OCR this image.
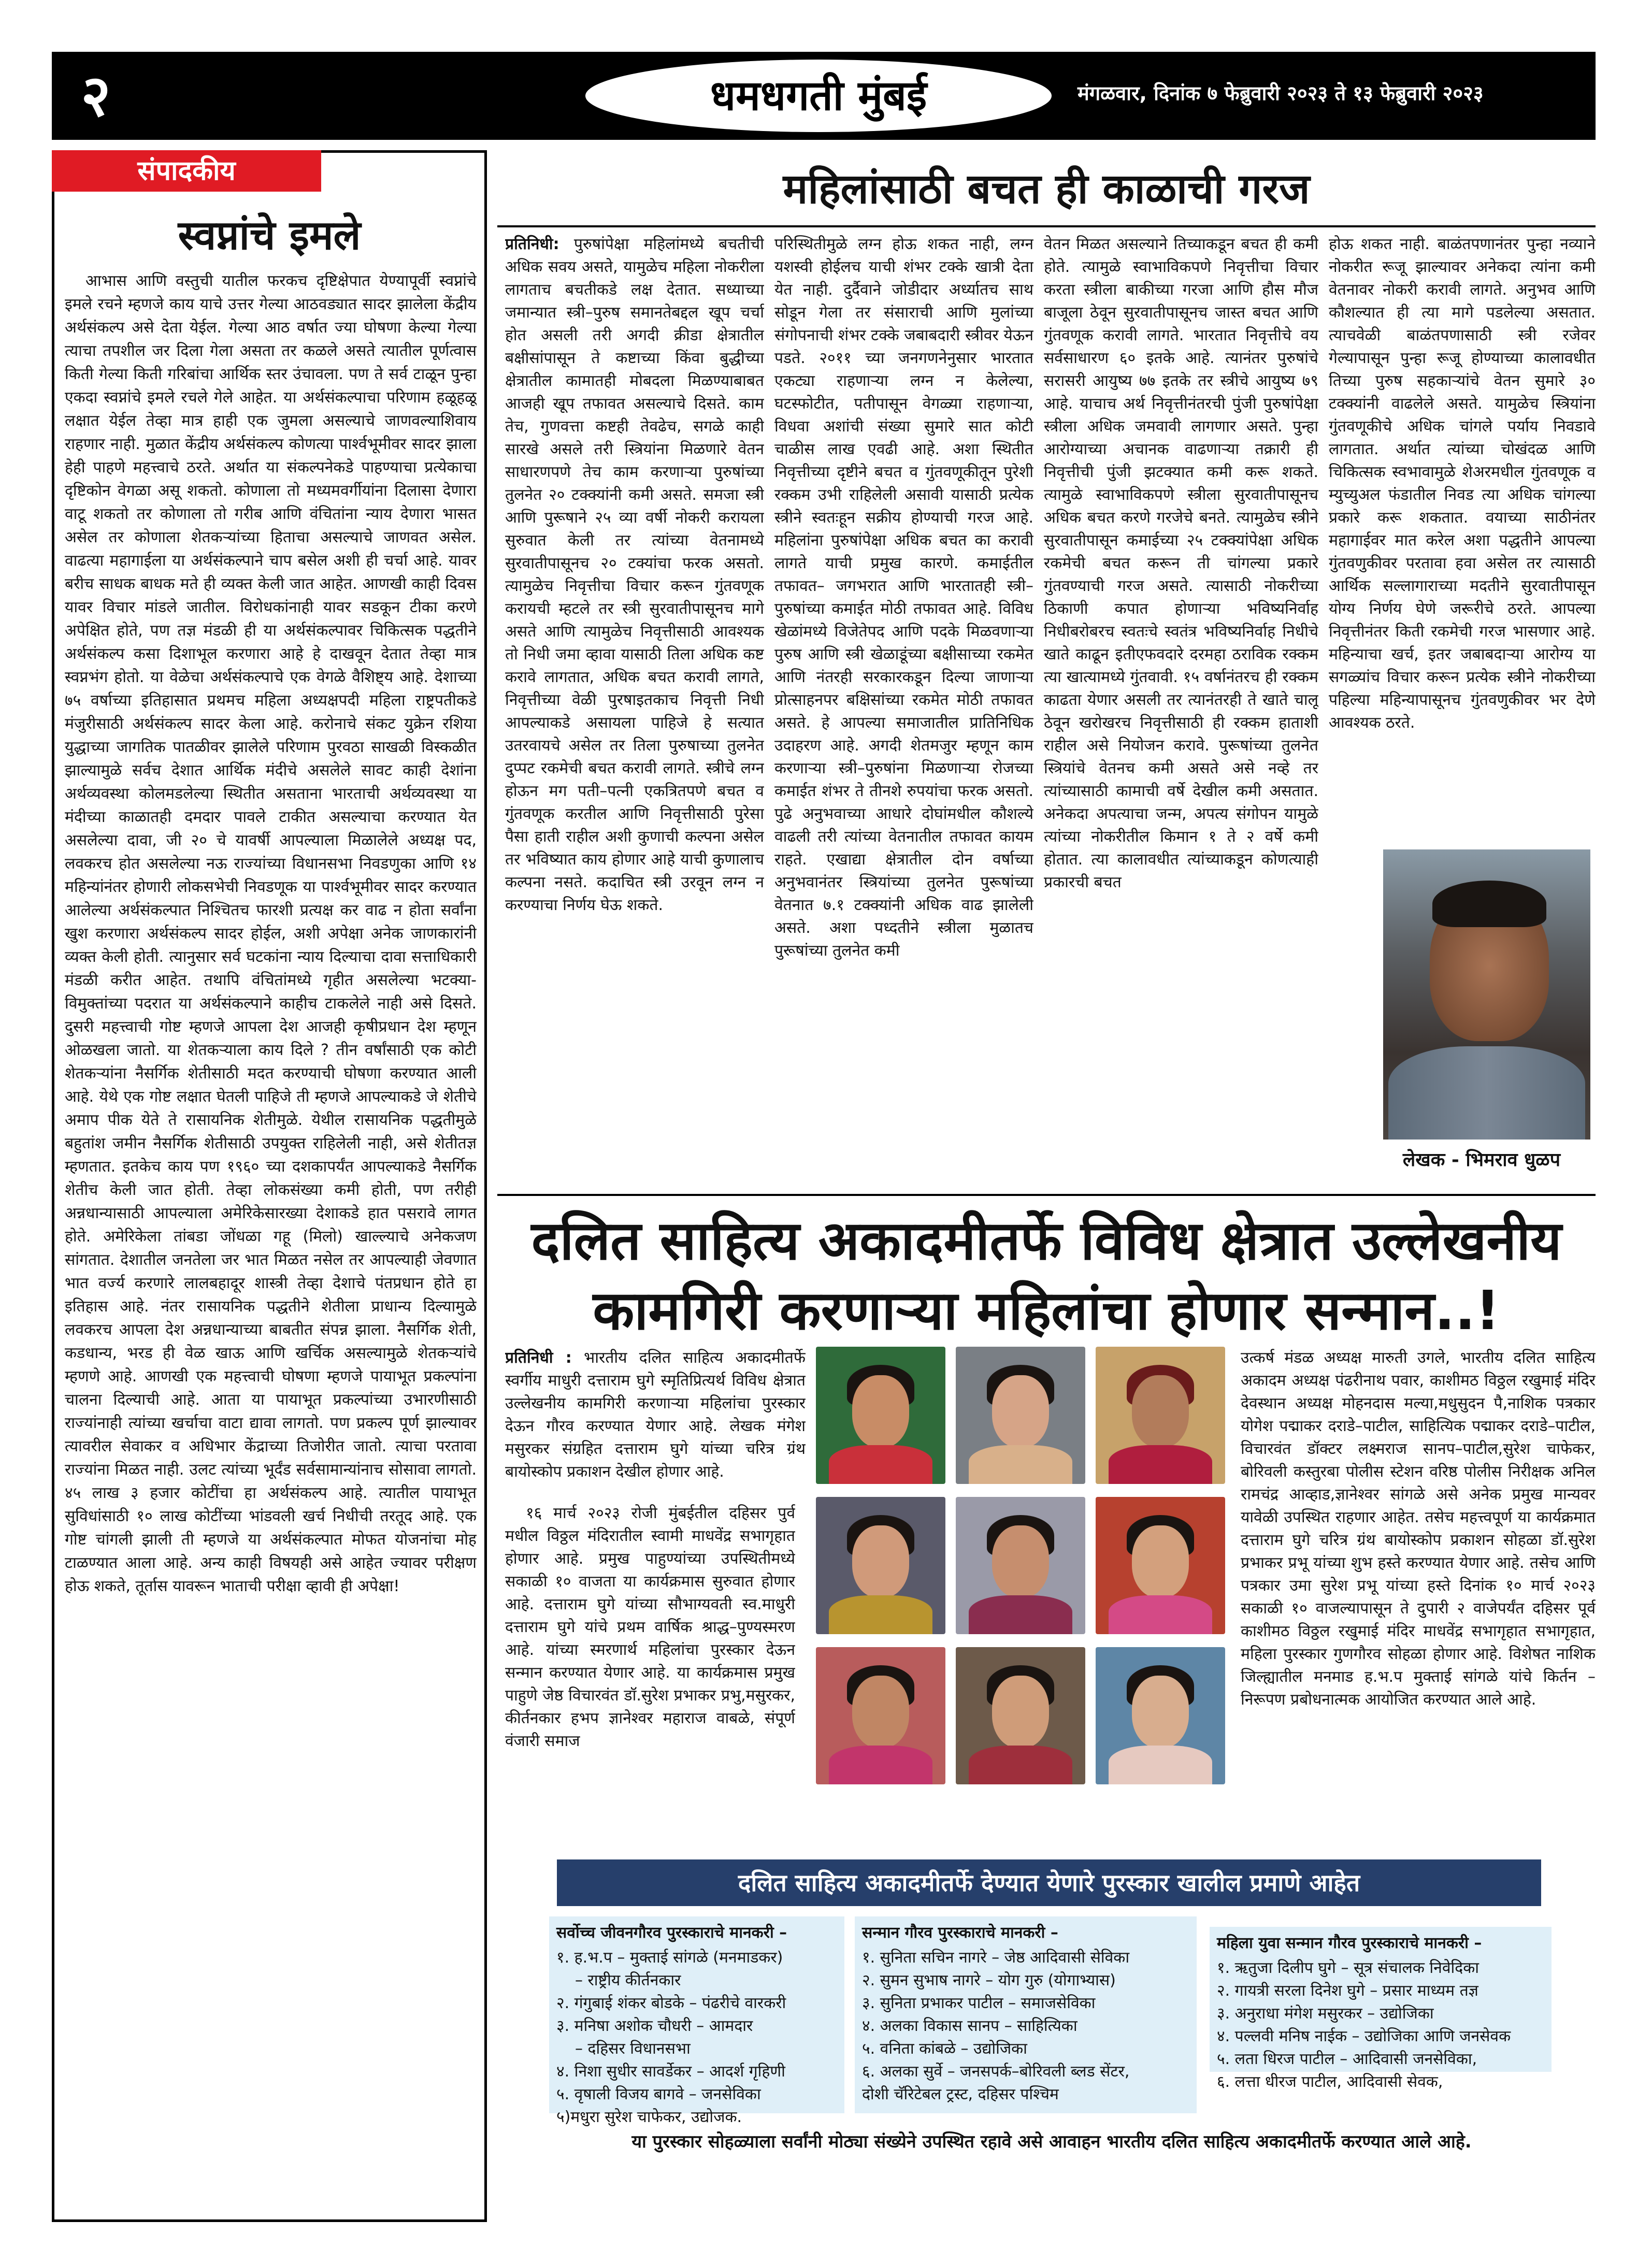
२	धमधगती मुंबई	मंगळवार, दिनांक ७ फेब्रुवारी २०२३ ते १३ फेब्रुवारी २०२३
संपादकीय
स्वप्नांचे इमले
आभास आणि वस्तुची यातील फरकच दृष्टिक्षेपात येण्यापूर्वी स्वप्नांचे इमले रचने म्हणजे काय याचे उत्तर गेल्या आठवड्यात सादर झालेला केंद्रीय अर्थसंकल्प असे देता येईल. गेल्या आठ वर्षात ज्या घोषणा केल्या गेल्या त्याचा तपशील जर दिला गेला असता तर कळले असते त्यातील पूर्णत्वास किती गेल्या किती गरिबांचा आर्थिक स्तर उंचावला. पण ते सर्व टाळून पुन्हा एकदा स्वप्नांचे इमले रचले गेले आहेत. या अर्थसंकल्पाचा परिणाम हळूहळू लक्षात येईल तेव्हा मात्र हाही एक जुमला असल्याचे जाणवल्याशिवाय राहणार नाही. मुळात केंद्रीय अर्थसंकल्प कोणत्या पार्श्वभूमीवर सादर झाला हेही पाहणे महत्त्वाचे ठरते. अर्थात या संकल्पनेकडे पाहण्याचा प्रत्येकाचा दृष्टिकोन वेगळा असू शकतो. कोणाला तो मध्यमवर्गीयांना दिलासा देणारा वाटू शकतो तर कोणाला तो गरीब आणि वंचितांना न्याय देणारा भासत असेल तर कोणाला शेतकऱ्यांच्या हिताचा असल्याचे जाणवत असेल. वाढत्या महागाईला या अर्थसंकल्पाने चाप बसेल अशी ही चर्चा आहे. यावर बरीच साधक बाधक मते ही व्यक्त केली जात आहेत. आणखी काही दिवस यावर विचार मांडले जातील. विरोधकांनाही यावर सडकून टीका करणे अपेक्षित होते, पण तज्ञ मंडळी ही या अर्थसंकल्पावर चिकित्सक पद्धतीने अर्थसंकल्प कसा दिशाभूल करणारा आहे हे दाखवून देतात तेव्हा मात्र स्वप्नभंग होतो. या वेळेचा अर्थसंकल्पाचे एक वेगळे वैशिष्ट्य आहे. देशाच्या ७५ वर्षाच्या इतिहासात प्रथमच महिला अध्यक्षपदी महिला राष्ट्रपतीकडे मंजुरीसाठी अर्थसंकल्प सादर केला आहे. करोनाचे संकट युक्रेन रशिया युद्धाच्या जागतिक पातळीवर झालेले परिणाम पुरवठा साखळी विस्कळीत झाल्यामुळे सर्वच देशात आर्थिक मंदीचे असलेले सावट काही देशांना अर्थव्यवस्था कोलमडलेल्या स्थितीत असताना भारताची अर्थव्यवस्था या मंदीच्या काळातही दमदार पावले टाकीत असल्याचा करण्यात येत असलेल्या दावा, जी २० चे यावर्षी आपल्याला मिळालेले अध्यक्ष पद, लवकरच होत असलेल्या नऊ राज्यांच्या विधानसभा निवडणुका आणि १४ महिन्यांनंतर होणारी लोकसभेची निवडणूक या पार्श्वभूमीवर सादर करण्यात आलेल्या अर्थसंकल्पात निश्चितच फारशी प्रत्यक्ष कर वाढ न होता सर्वांना खुश करणारा अर्थसंकल्प सादर होईल, अशी अपेक्षा अनेक जाणकारांनी व्यक्त केली होती. त्यानुसार सर्व घटकांना न्याय दिल्याचा दावा सत्ताधिकारी मंडळी करीत आहेत. तथापि वंचितांमध्ये गृहीत असलेल्या भटक्या- विमुक्तांच्या पदरात या अर्थसंकल्पाने काहीच टाकलेले नाही असे दिसते. दुसरी महत्त्वाची गोष्ट म्हणजे आपला देश आजही कृषीप्रधान देश म्हणून ओळखला जातो. या शेतकऱ्याला काय दिले ? तीन वर्षांसाठी एक कोटी शेतकऱ्यांना नैसर्गिक शेतीसाठी मदत करण्याची घोषणा करण्यात आली आहे. येथे एक गोष्ट लक्षात घेतली पाहिजे ती म्हणजे आपल्याकडे जे शेतीचे अमाप पीक येते ते रासायनिक शेतीमुळे. येथील रासायनिक पद्धतीमुळे बहुतांश जमीन नैसर्गिक शेतीसाठी उपयुक्त राहिलेली नाही, असे शेतीतज्ञ म्हणतात. इतकेच काय पण १९६० च्या दशकापर्यंत आपल्याकडे नैसर्गिक शेतीच केली जात होती. तेव्हा लोकसंख्या कमी होती, पण तरीही अन्नधान्यासाठी आपल्याला अमेरिकेसारख्या देशाकडे हात पसरावे लागत होते. अमेरिकेला तांबडा जोंधळा गहू (मिलो) खाल्ल्याचे अनेकजण सांगतात. देशातील जनतेला जर भात मिळत नसेल तर आपल्याही जेवणात भात वर्ज्य करणारे लालबहादूर शास्त्री तेव्हा देशाचे पंतप्रधान होते हा इतिहास आहे. नंतर रासायनिक पद्धतीने शेतीला प्राधान्य दिल्यामुळे लवकरच आपला देश अन्नधान्याच्या बाबतीत संपन्न झाला. नैसर्गिक शेती, कडधान्य, भरड ही वेळ खाऊ आणि खर्चिक असल्यामुळे शेतकऱ्यांचे म्हणणे आहे. आणखी एक महत्त्वाची घोषणा म्हणजे पायाभूत प्रकल्पांना चालना दिल्याची आहे. आता या पायाभूत प्रकल्पांच्या उभारणीसाठी राज्यांनाही त्यांच्या खर्चाचा वाटा द्यावा लागतो. पण प्रकल्प पूर्ण झाल्यावर त्यावरील सेवाकर व अधिभार केंद्राच्या तिजोरीत जातो. त्याचा परतावा राज्यांना मिळत नाही. उलट त्यांच्या भूर्दंड सर्वसामान्यांनाच सोसावा लागतो. ४५ लाख ३ हजार कोटींचा हा अर्थसंकल्प आहे. त्यातील पायाभूत सुविधांसाठी १० लाख कोटींच्या भांडवली खर्च निधीची तरतूद आहे. एक गोष्ट चांगली झाली ती म्हणजे या अर्थसंकल्पात मोफत योजनांचा मोह टाळण्यात आला आहे. अन्य काही विषयही असे आहेत ज्यावर परीक्षण होऊ शकते, तूर्तास यावरून भाताची परीक्षा व्हावी ही अपेक्षा!
महिलांसाठी बचत ही काळाची गरज
प्रतिनिधी: पुरुषांपेक्षा महिलांमध्ये बचतीची अधिक सवय असते, यामुळेच महिला नोकरीला लागताच बचतीकडे लक्ष देतात. सध्याच्या जमान्यात स्त्री–पुरुष समानतेबद्दल खूप चर्चा होत असली तरी अगदी क्रीडा क्षेत्रातील बक्षीसांपासून ते कष्टाच्या किंवा बुद्धीच्या क्षेत्रातील कामातही मोबदला मिळण्याबाबत आजही खूप तफावत असल्याचे दिसते. काम तेच, गुणवत्ता कष्टही तेवढेच, सगळे काही सारखे असले तरी स्त्रियांना मिळणारे वेतन साधारणपणे तेच काम करणाऱ्या पुरुषांच्या तुलनेत २० टक्क्यांनी कमी असते. समजा स्त्री आणि पुरूषाने २५ व्या वर्षी नोकरी करायला सुरुवात केली तर त्यांच्या वेतनामध्ये सुरवातीपासूनच २० टक्यांचा फरक असतो. त्यामुळेच निवृत्तीचा विचार करून गुंतवणूक करायची म्हटले तर स्त्री सुरवातीपासूनच मागे असते आणि त्यामुळेच निवृत्तीसाठी आवश्यक तो निधी जमा व्हावा यासाठी तिला अधिक कष्ट करावे लागतात, अधिक बचत करावी लागते, निवृत्तीच्या वेळी पुरषाइतकाच निवृत्ती निधी आपल्याकडे असायला पाहिजे हे सत्यात उतरवायचे असेल तर तिला पुरुषाच्या तुलनेत दुप्पट रकमेची बचत करावी लागते. स्त्रीचे लग्न होऊन मग पती–पत्नी एकत्रितपणे बचत व गुंतवणूक करतील आणि निवृत्तीसाठी पुरेसा पैसा हाती राहील अशी कुणाची कल्पना असेल तर भविष्यात काय होणार आहे याची कुणालाच कल्पना नसते. कदाचित स्त्री उरवून लग्न न करण्याचा निर्णय घेऊ शकते.
परिस्थितीमुळे लग्न होऊ शकत नाही, लग्न यशस्वी होईलच याची शंभर टक्के खात्री देता येत नाही. दुर्दैवाने जोडीदार अर्ध्यातच साथ सोडून गेला तर संसाराची आणि मुलांच्या संगोपनाची शंभर टक्के जबाबदारी स्त्रीवर येऊन पडते. २०११ च्या जनगणनेनुसार भारतात एकट्या राहणाऱ्या लग्न न केलेल्या, घटस्फोटीत, पतीपासून वेगळ्या राहणाऱ्या, विधवा अशांची संख्या सुमारे सात कोटी चाळीस लाख एवढी आहे. अशा स्थितीत निवृत्तीच्या दृष्टीने बचत व गुंतवणूकीतून पुरेशी रक्कम उभी राहिलेली असावी यासाठी प्रत्येक स्त्रीने स्वतःहून सक्रीय होण्याची गरज आहे. महिलांना पुरुषांपेक्षा अधिक बचत का करावी लागते याची प्रमुख कारणे. कमाईतील तफावत– जगभरात आणि भारतातही स्त्री–पुरुषांच्या कमाईत मोठी तफावत आहे. विविध खेळांमध्ये विजेतेपद आणि पदके मिळवणाऱ्या पुरुष आणि स्त्री खेळाडूंच्या बक्षीसाच्या रकमेत आणि नंतरही सरकारकडून दिल्या जाणाऱ्या प्रोत्साहनपर बक्षिसांच्या रकमेत मोठी तफावत असते. हे आपल्या समाजातील प्रातिनिधिक उदाहरण आहे. अगदी शेतमजुर म्हणून काम करणाऱ्या स्त्री–पुरुषांना मिळणाऱ्या रोजच्या कमाईत शंभर ते तीनशे रुपयांचा फरक असतो. पुढे अनुभवाच्या आधारे दोघांमधील कौशल्ये वाढली तरी त्यांच्या वेतनातील तफावत कायम राहते. एखाद्या क्षेत्रातील दोन वर्षाच्या अनुभवानंतर स्त्रियांच्या तुलनेत पुरूषांच्या वेतनात ७.१ टक्क्यांनी अधिक वाढ झालेली असते. अशा पध्दतीने स्त्रीला मुळातच पुरूषांच्या तुलनेत कमी
वेतन मिळत असल्याने तिच्याकडून बचत ही कमी होते. त्यामुळे स्वाभाविकपणे निवृत्तीचा विचार करता स्त्रीला बाकीच्या गरजा आणि हौस मौज बाजूला ठेवून सुरवातीपासूनच जास्त बचत आणि गुंतवणूक करावी लागते. भारतात निवृत्तीचे वय सर्वसाधारण ६० इतके आहे. त्यानंतर पुरुषांचे सरासरी आयुष्य ७७ इतके तर स्त्रीचे आयुष्य ७९ आहे. याचाच अर्थ निवृत्तीनंतरची पुंजी पुरुषांपेक्षा स्त्रीला अधिक जमवावी लागणार असते. पुन्हा आरोग्याच्या अचानक वाढणाऱ्या तक्रारी ही निवृत्तीची पुंजी झटक्यात कमी करू शकते. त्यामुळे स्वाभाविकपणे स्त्रीला सुरवातीपासूनच अधिक बचत करणे गरजेचे बनते. त्यामुळेच स्त्रीने सुरवातीपासून कमाईच्या २५ टक्क्यांपेक्षा अधिक रकमेची बचत करून ती चांगल्या प्रकारे गुंतवण्याची गरज असते. त्यासाठी नोकरीच्या ठिकाणी कपात होणाऱ्या भविष्यनिर्वाह निधीबरोबरच स्वतःचे स्वतंत्र भविष्यनिर्वाह निधीचे खाते काढून इतीएफवदारे दरमहा ठराविक रक्कम त्या खात्यामध्ये गुंतवावी. १५ वर्षानंतरच ही रक्कम काढता येणार असली तर त्यानंतरही ते खाते चालू ठेवून खरोखरच निवृत्तीसाठी ही रक्कम हाताशी राहील असे नियोजन करावे. पुरूषांच्या तुलनेत स्त्रियांचे वेतनच कमी असते असे नव्हे तर त्यांच्यासाठी कामाची वर्षे देखील कमी असतात. अनेकदा अपत्याचा जन्म, अपत्य संगोपन यामुळे त्यांच्या नोकरीतील किमान १ ते २ वर्षे कमी होतात. त्या कालावधीत त्यांच्याकडून कोणत्याही प्रकारची बचत
होऊ शकत नाही. बाळंतपणानंतर पुन्हा नव्याने नोकरीत रूजू झाल्यावर अनेकदा त्यांना कमी वेतनावर नोकरी करावी लागते. अनुभव आणि कौशल्यात ही त्या मागे पडलेल्या असतात. त्याचवेळी बाळंतपणासाठी स्त्री रजेवर गेल्यापासून पुन्हा रूजू होण्याच्या कालावधीत तिच्या पुरुष सहकाऱ्यांचे वेतन सुमारे ३० टक्क्यांनी वाढलेले असते. यामुळेच स्त्रियांना गुंतवणूकीचे अधिक चांगले पर्याय निवडावे लागतात. अर्थात त्यांच्या चोखंदळ आणि चिकित्सक स्वभावामुळे शेअरमधील गुंतवणूक व म्युच्युअल फंडातील निवड त्या अधिक चांगल्या प्रकारे करू शकतात. वयाच्या साठीनंतर महागाईवर मात करेल अशा पद्धतीने आपल्या गुंतवणुकीवर परतावा हवा असेल तर त्यासाठी आर्थिक सल्लागाराच्या मदतीने सुरवातीपासून योग्य निर्णय घेणे जरूरीचे ठरते. आपल्या निवृत्तीनंतर किती रकमेची गरज भासणार आहे. महिन्याचा खर्च, इतर जबाबदाऱ्या आरोग्य या सगळ्यांच विचार करून प्रत्येक स्त्रीने नोकरीच्या पहिल्या महिन्यापासूनच गुंतवणुकीवर भर देणे आवश्यक ठरते.
लेखक - भिमराव धुळप
दलित साहित्य अकादमीतर्फे विविध क्षेत्रात उल्लेखनीय
कामगिरी करणाऱ्या महिलांचा होणार सन्मान..!
प्रतिनिधी : भारतीय दलित साहित्य अकादमीतर्फे स्वर्गीय माधुरी दत्ताराम घुगे स्मृतिप्रित्यर्थ विविध क्षेत्रात उल्लेखनीय कामगिरी करणाऱ्या महिलांचा पुरस्कार देऊन गौरव करण्यात येणार आहे. लेखक मंगेश मसुरकर संग्रहित दत्ताराम घुगे यांच्या चरित्र ग्रंथ बायोस्कोप प्रकाशन देखील होणार आहे.
१६ मार्च २०२३ रोजी मुंबईतील दहिसर पुर्व मधील विठ्ठल मंदिरातील स्वामी माधवेंद्र सभागृहात होणार आहे. प्रमुख पाहुण्यांच्या उपस्थितीमध्ये सकाळी १० वाजता या कार्यक्रमास सुरुवात होणार आहे. दत्ताराम घुगे यांच्या सौभाग्यवती स्व.माधुरी दत्ताराम घुगे यांचे प्रथम वार्षिक श्राद्ध–पुण्यस्मरण आहे. यांच्या स्मरणार्थ महिलांचा पुरस्कार देऊन सन्मान करण्यात येणार आहे. या कार्यक्रमास प्रमुख पाहुणे जेष्ठ विचारवंत डॉ.सुरेश प्रभाकर प्रभु,मसुरकर, कीर्तनकार हभप ज्ञानेश्वर महाराज वाबळे, संपूर्ण वंजारी समाज
उत्कर्ष मंडळ अध्यक्ष मारुती उगले, भारतीय दलित साहित्य अकादम अध्यक्ष पंढरीनाथ पवार, काशीमठ विठ्ठल रखुमाई मंदिर देवस्थान अध्यक्ष मोहनदास मल्या,मधुसुदन पै,नाशिक पत्रकार योगेश पद्माकर दराडे–पाटील, साहित्यिक पद्माकर दराडे–पाटील, विचारवंत डॉक्टर लक्ष्मराज सानप–पाटील,सुरेश चाफेकर, बोरिवली कस्तुरबा पोलीस स्टेशन वरिष्ठ पोलीस निरीक्षक अनिल रामचंद्र आव्हाड,ज्ञानेश्वर सांगळे असे अनेक प्रमुख मान्यवर यावेळी उपस्थित राहणार आहेत. तसेच महत्त्वपूर्ण या कार्यक्रमात दत्ताराम घुगे चरित्र ग्रंथ बायोस्कोप प्रकाशन सोहळा डॉ.सुरेश प्रभाकर प्रभू यांच्या शुभ हस्ते करण्यात येणार आहे. तसेच आणि पत्रकार उमा सुरेश प्रभू यांच्या हस्ते दिनांक १० मार्च २०२३ सकाळी १० वाजल्यापासून ते दुपारी २ वाजेपर्यंत दहिसर पूर्व काशीमठ विठ्ठल रखुमाई मंदिर माधवेंद्र सभागृहात सभागृहात, महिला पुरस्कार गुणगौरव सोहळा होणार आहे. विशेषत नाशिक जिल्ह्यातील मनमाड ह.भ.प मुक्ताई सांगळे यांचे किर्तन – निरूपण प्रबोधनात्मक आयोजित करण्यात आले आहे.
दलित साहित्य अकादमीतर्फे देण्यात येणारे पुरस्कार खालील प्रमाणे आहेत
सर्वोच्च जीवनगौरव पुरस्काराचे मानकरी –
१. ह.भ.प – मुक्ताई सांगळे (मनमाडकर)
– राष्ट्रीय कीर्तनकार
२. गंगुबाई शंकर बोडके – पंढरीचे वारकरी
३. मनिषा अशोक चौधरी – आमदार
– दहिसर विधानसभा
४. निशा सुधीर सावर्डेकर – आदर्श गृहिणी
५. वृषाली विजय बागवे – जनसेविका
५)मधुरा सुरेश चाफेकर, उद्योजक.
सन्मान गौरव पुरस्काराचे मानकरी –
१. सुनिता सचिन नागरे – जेष्ठ आदिवासी सेविका
२. सुमन सुभाष नागरे – योग गुरु (योगाभ्यास)
३. सुनिता प्रभाकर पाटील – समाजसेविका
४. अलका विकास सानप – साहित्यिका
५. वनिता कांबळे – उद्योजिका
६. अलका सुर्वे – जनसपर्क–बोरिवली ब्लड सेंटर,
दोशी चॅरिटेबल ट्रस्ट, दहिसर पश्चिम
महिला युवा सन्मान गौरव पुरस्काराचे मानकरी –
१. ऋतुजा दिलीप घुगे – सूत्र संचालक निवेदिका
२. गायत्री सरला दिनेश घुगे – प्रसार माध्यम तज्ञ
३. अनुराधा मंगेश मसुरकर – उद्योजिका
४. पल्लवी मनिष नाईक – उद्योजिका आणि जनसेवक
५. लता धिरज पाटील – आदिवासी जनसेविका,
६. लत्ता धीरज पाटील, आदिवासी सेवक,
या पुरस्कार सोहळ्याला सर्वांनी मोठ्या संख्येने उपस्थित रहावे असे आवाहन भारतीय दलित साहित्य अकादमीतर्फे करण्यात आले आहे.
